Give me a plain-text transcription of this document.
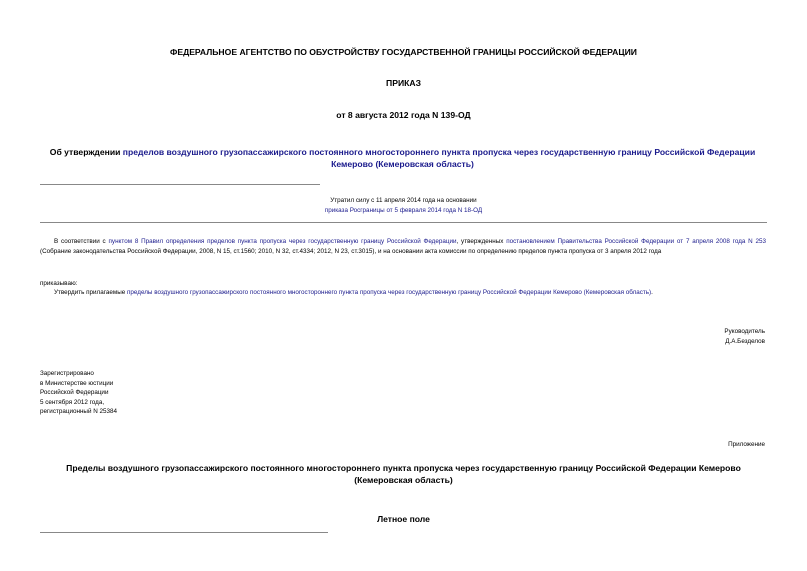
ФЕДЕРАЛЬНОЕ АГЕНТСТВО ПО ОБУСТРОЙСТВУ ГОСУДАРСТВЕННОЙ ГРАНИЦЫ РОССИЙСКОЙ ФЕДЕРАЦИИ
ПРИКАЗ
от 8 августа 2012 года N 139-ОД
Об утверждении пределов воздушного грузопассажирского постоянного многостороннего пункта пропуска через государственную границу Российской Федерации Кемерово (Кемеровская область)
Утратил силу с 11 апреля 2014 года на основании
приказа Росграницы от 5 февраля 2014 года N 18-ОД
В соответствии с пунктом 8 Правил определения пределов пункта пропуска через государственную границу Российской Федерации, утвержденных постановлением Правительства Российской Федерации от 7 апреля 2008 года N 253 (Собрание законодательства Российской Федерации, 2008, N 15, ст.1560; 2010, N 32, ст.4334; 2012, N 23, ст.3015), и на основании акта комиссии по определению пределов пункта пропуска от 3 апреля 2012 года
приказываю:
Утвердить прилагаемые пределы воздушного грузопассажирского постоянного многостороннего пункта пропуска через государственную границу Российской Федерации Кемерово (Кемеровская область).
Руководитель
Д.А.Безделов
Зарегистрировано
в Министерстве юстиции
Российской Федерации
5 сентября 2012 года,
регистрационный N 25384
Приложение
Пределы воздушного грузопассажирского постоянного многостороннего пункта пропуска через государственную границу Российской Федерации Кемерово (Кемеровская область)
Летное поле
